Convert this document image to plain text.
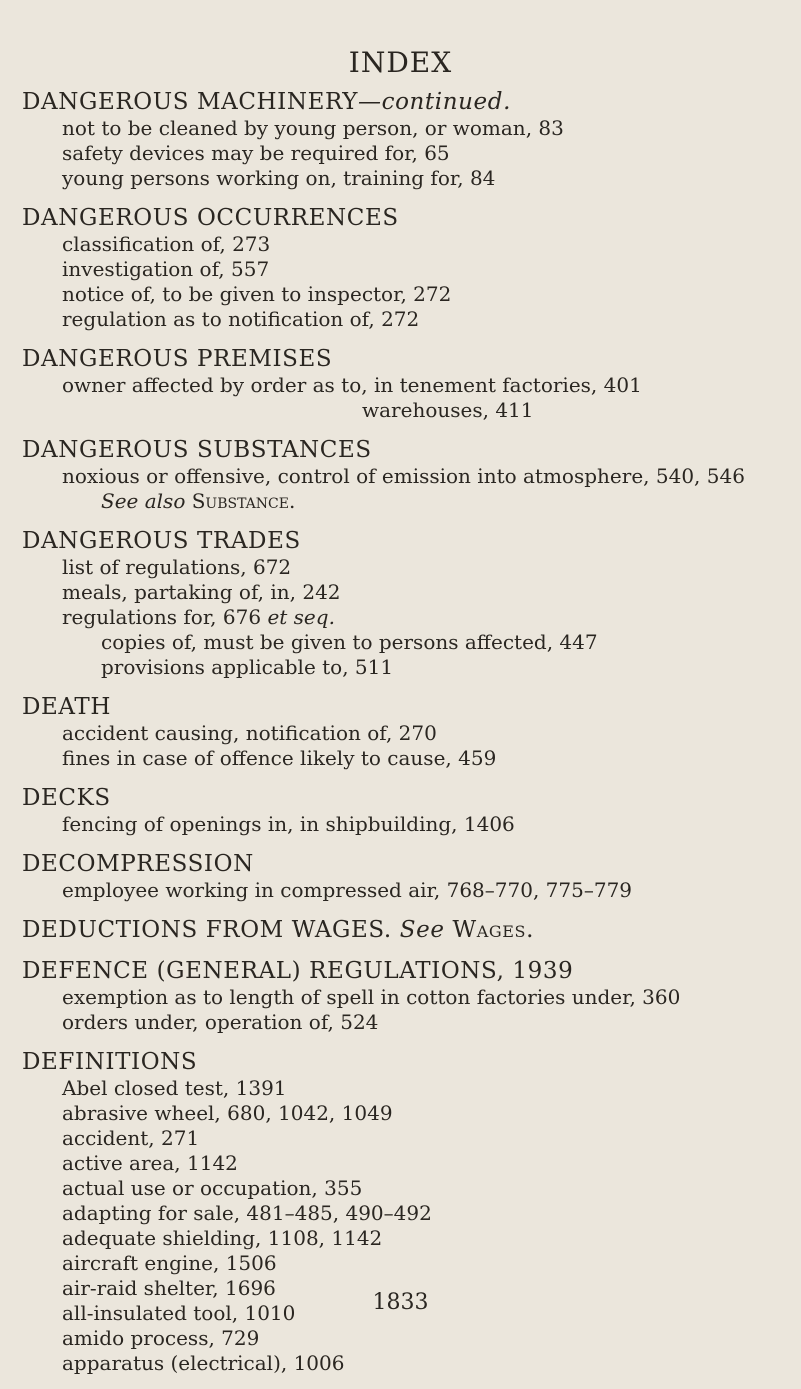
INDEX
DANGEROUS MACHINERY—continued.
not to be cleaned by young person, or woman, 83
safety devices may be required for, 65
young persons working on, training for, 84
DANGEROUS OCCURRENCES
classification of, 273
investigation of, 557
notice of, to be given to inspector, 272
regulation as to notification of, 272
DANGEROUS PREMISES
owner affected by order as to, in tenement factories, 401
warehouses, 411
DANGEROUS SUBSTANCES
noxious or offensive, control of emission into atmosphere, 540, 546
See also Substance.
DANGEROUS TRADES
list of regulations, 672
meals, partaking of, in, 242
regulations for, 676 et seq.
copies of, must be given to persons affected, 447
provisions applicable to, 511
DEATH
accident causing, notification of, 270
fines in case of offence likely to cause, 459
DECKS
fencing of openings in, in shipbuilding, 1406
DECOMPRESSION
employee working in compressed air, 768–770, 775–779
DEDUCTIONS FROM WAGES. See Wages.
DEFENCE (GENERAL) REGULATIONS, 1939
exemption as to length of spell in cotton factories under, 360
orders under, operation of, 524
DEFINITIONS
Abel closed test, 1391
abrasive wheel, 680, 1042, 1049
accident, 271
active area, 1142
actual use or occupation, 355
adapting for sale, 481–485, 490–492
adequate shielding, 1108, 1142
aircraft engine, 1506
air-raid shelter, 1696
all-insulated tool, 1010
amido process, 729
apparatus (electrical), 1006
1833
